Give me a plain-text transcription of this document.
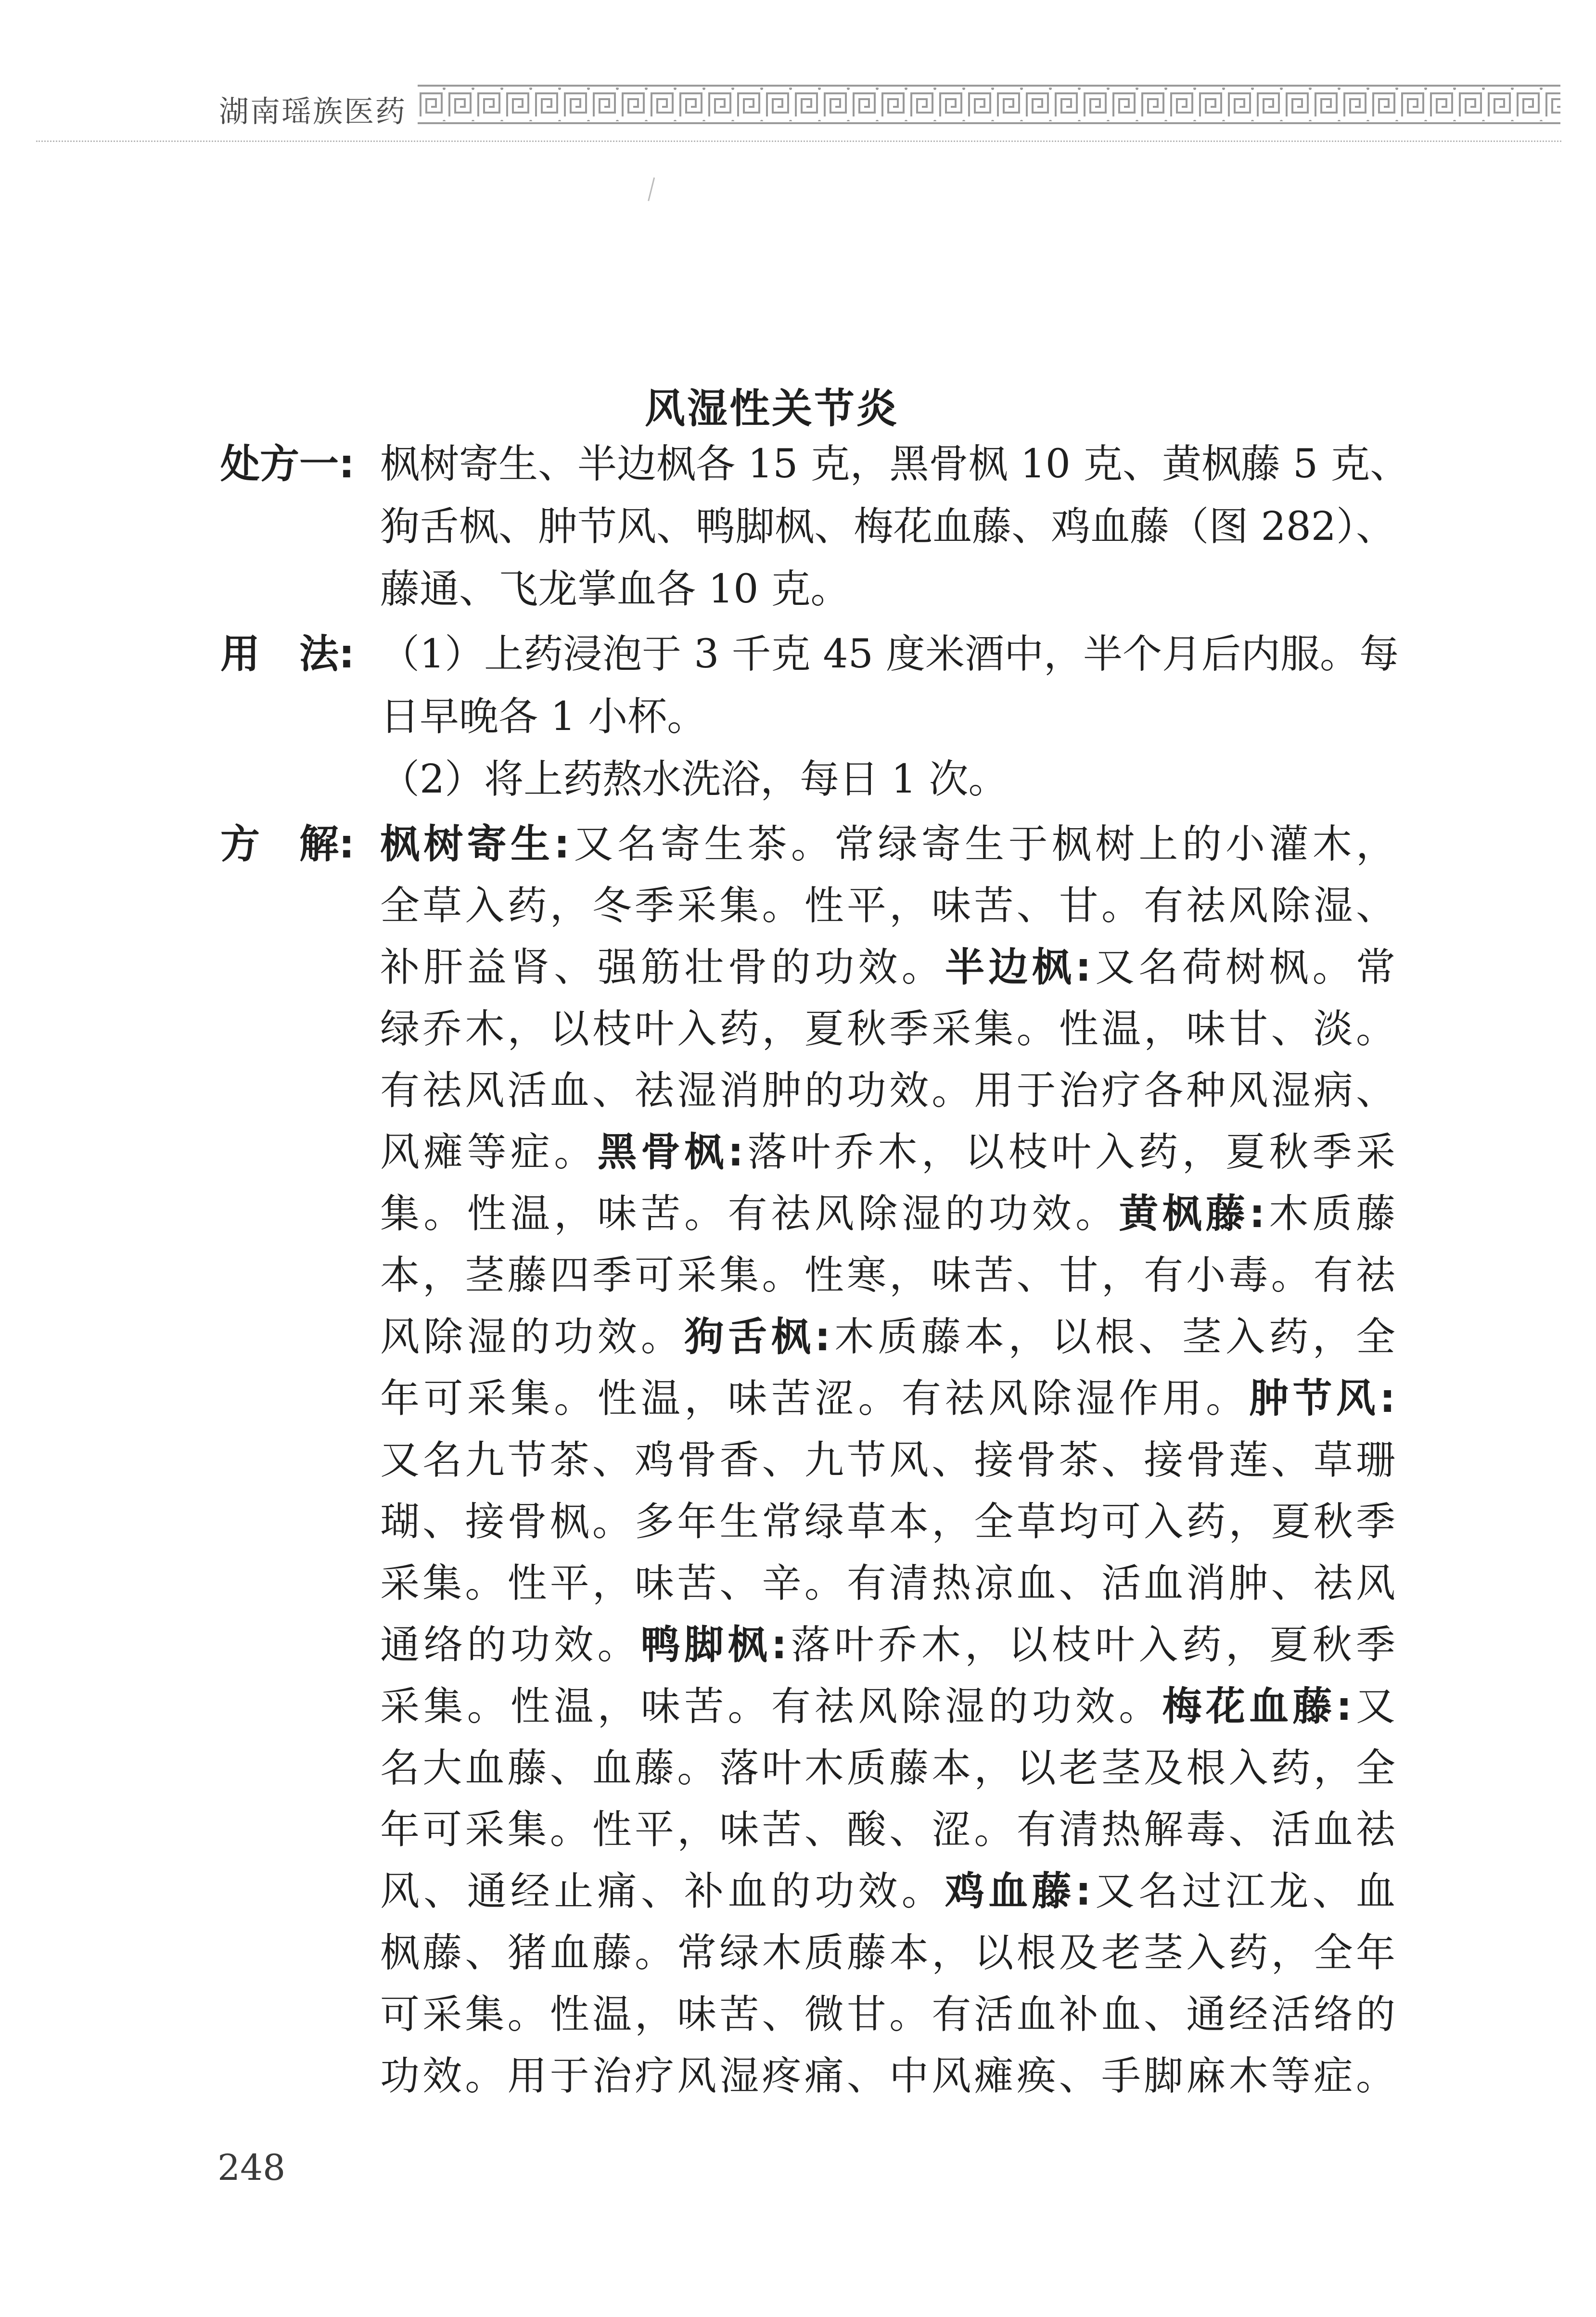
湖南瑶族医药
风湿性关节炎
处方一: 枫树寄生、半边枫各 15 克，黑骨枫 10 克、黄枫藤 5 克、
狗舌枫、肿节风、鸭脚枫、梅花血藤、鸡血藤（图 282）、
藤通、飞龙掌血各 10 克。
用　法: （1）上药浸泡于 3 千克 45 度米酒中，半个月后内服。每
日早晚各 1 小杯。
（2）将上药熬水洗浴，每日 1 次。
方　解: 枫树寄生:又名寄生茶。常绿寄生于枫树上的小灌木，
全草入药，冬季采集。性平，味苦、甘。有祛风除湿、
补肝益肾、强筋壮骨的功效。半边枫:又名荷树枫。常
绿乔木，以枝叶入药，夏秋季采集。性温，味甘、淡。
有祛风活血、祛湿消肿的功效。用于治疗各种风湿病、
风瘫等症。黑骨枫:落叶乔木，以枝叶入药，夏秋季采
集。性温，味苦。有祛风除湿的功效。黄枫藤:木质藤
本，茎藤四季可采集。性寒，味苦、甘，有小毒。有祛
风除湿的功效。狗舌枫:木质藤本，以根、茎入药，全
年可采集。性温，味苦涩。有祛风除湿作用。肿节风:
又名九节茶、鸡骨香、九节风、接骨茶、接骨莲、草珊
瑚、接骨枫。多年生常绿草本，全草均可入药，夏秋季
采集。性平，味苦、辛。有清热凉血、活血消肿、祛风
通络的功效。鸭脚枫:落叶乔木，以枝叶入药，夏秋季
采集。性温，味苦。有祛风除湿的功效。梅花血藤:又
名大血藤、血藤。落叶木质藤本，以老茎及根入药，全
年可采集。性平，味苦、酸、涩。有清热解毒、活血祛
风、通经止痛、补血的功效。鸡血藤:又名过江龙、血
枫藤、猪血藤。常绿木质藤本，以根及老茎入药，全年
可采集。性温，味苦、微甘。有活血补血、通经活络的
功效。用于治疗风湿疼痛、中风瘫痪、手脚麻木等症。
248
